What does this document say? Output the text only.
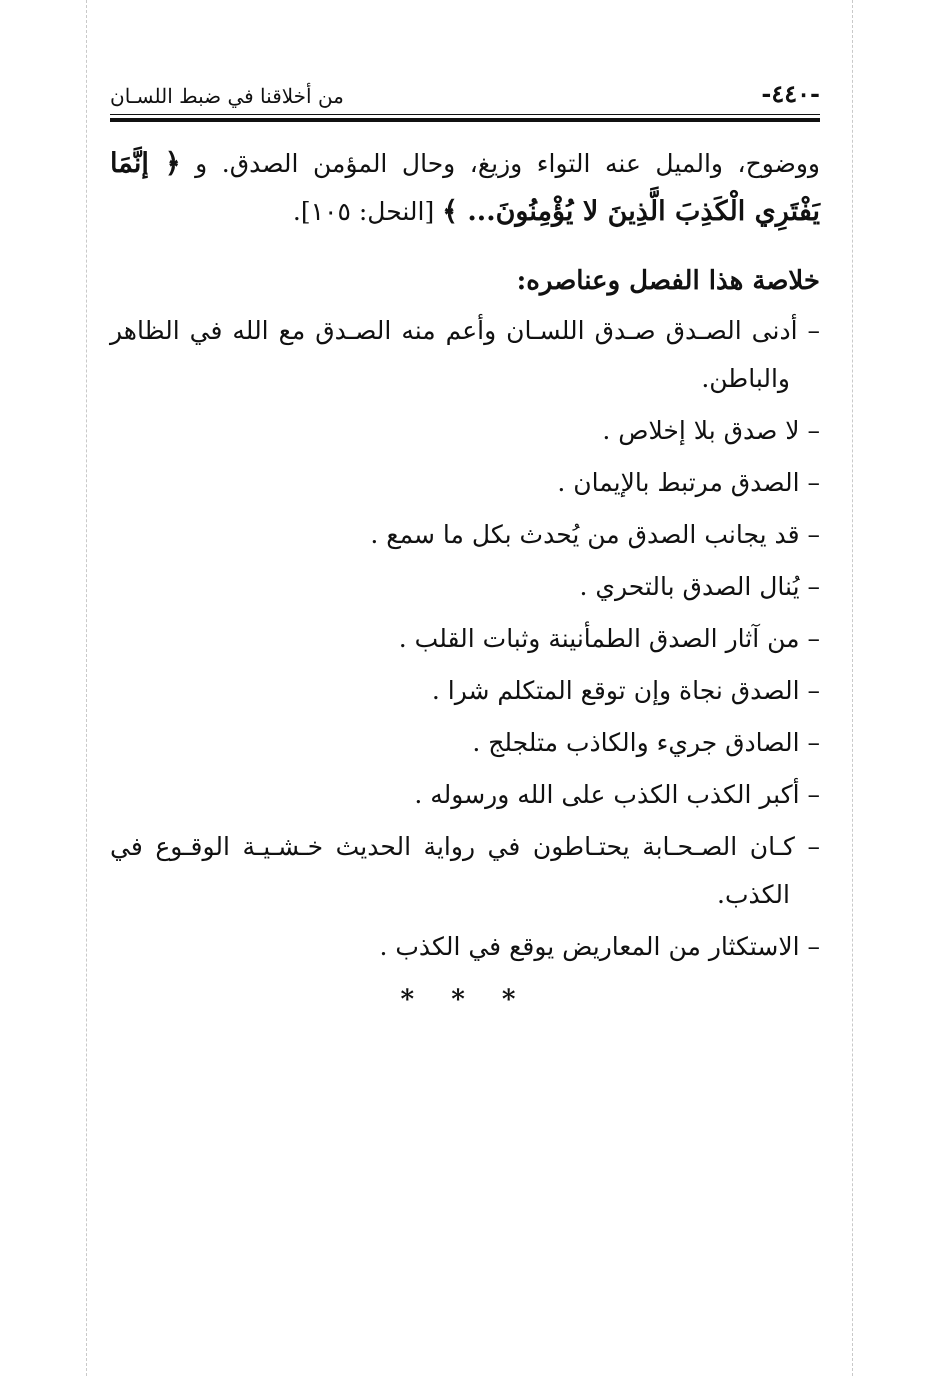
-٤٤٠-
من أخلاقنا في ضبط اللسـان

ووضوح، والميل عنه التواء وزيغ، وحال المؤمن الصدق. و ﴿ إنَّمَا يَفْتَرِي الْكَذِبَ الَّذِينَ لا يُؤْمِنُونَ... ﴾ [النحل: ١٠٥].

خلاصة هذا الفصل وعناصره:
– أدنى الصـدق صـدق اللسـان وأعم منه الصـدق مع الله في الظاهر والباطن.
– لا صدق بلا إخلاص .
– الصدق مرتبط بالإيمان .
– قد يجانب الصدق من يُحدث بكل ما سمع .
– يُنال الصدق بالتحري .
– من آثار الصدق الطمأنينة وثبات القلب .
– الصدق نجاة وإن توقع المتكلم شرا .
– الصادق جريء والكاذب متلجلج .
– أكبر الكذب الكذب على الله ورسوله .
– كـان الصـحـابة يحتـاطون في رواية الحديث خـشـيـة الوقـوع في الكذب.
– الاستكثار من المعاريض يوقع في الكذب .
* * *
